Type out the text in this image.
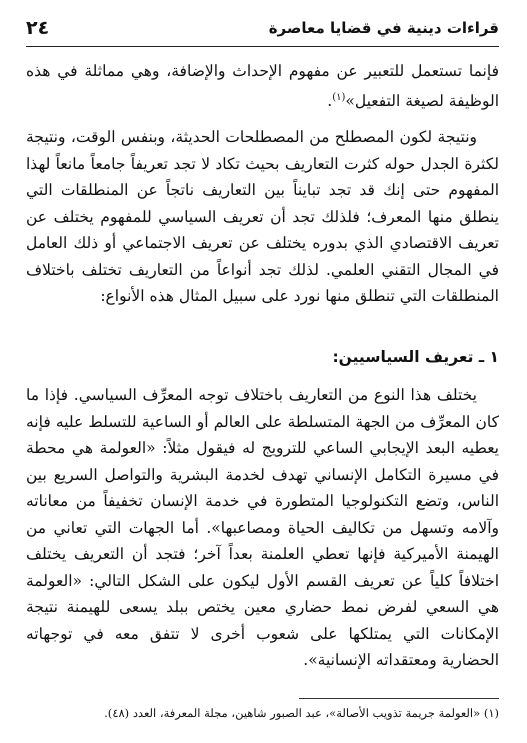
قراءات دينية في قضايا معاصرة
٢٤

فإنما تستعمل للتعبير عن مفهوم الإحداث والإضافة، وهي مماثلة في هذه الوظيفة لصيغة التفعيل»$^{(١)}$.

ونتيجة لكون المصطلح من المصطلحات الحديثة، وبنفس الوقت، ونتيجة لكثرة الجدل حوله كثرت التعاريف بحيث تكاد لا تجد تعريفاً جامعاً مانعاً لهذا المفهوم حتى إنك قد تجد تبايناً بين التعاريف ناتجاً عن المنطلقات التي ينطلق منها المعرف؛ فلذلك تجد أن تعريف السياسي للمفهوم يختلف عن تعريف الاقتصادي الذي بدوره يختلف عن تعريف الاجتماعي أو ذلك العامل في المجال التقني العلمي. لذلك تجد أنواعاً من التعاريف تختلف باختلاف المنطلقات التي تنطلق منها نورد على سبيل المثال هذه الأنواع:

١ ـ تعريف السياسيين:

يختلف هذا النوع من التعاريف باختلاف توجه المعرِّف السياسي. فإذا ما كان المعرِّف من الجهة المتسلطة على العالم أو الساعية للتسلط عليه فإنه يعطيه البعد الإيجابي الساعي للترويج له فيقول مثلاً: «العولمة هي محطة في مسيرة التكامل الإنساني تهدف لخدمة البشرية والتواصل السريع بين الناس، وتضع التكنولوجيا المتطورة في خدمة الإنسان تخفيفاً من معاناته وآلامه وتسهل من تكاليف الحياة ومصاعبها». أما الجهات التي تعاني من الهيمنة الأميركية فإنها تعطي العلمنة بعداً آخر؛ فتجد أن التعريف يختلف اختلافاً كلياً عن تعريف القسم الأول ليكون على الشكل التالي: «العولمة هي السعي لفرض نمط حضاري معين يختص ببلد يسعى للهيمنة نتيجة الإمكانات التي يمتلكها على شعوب أخرى لا تتفق معه في توجهاته الحضارية ومعتقداته الإنسانية».

(١) «العولمة جريمة تذويب الأصالة»، عبد الصبور شاهين، مجلة المعرفة، العدد (٤٨).
